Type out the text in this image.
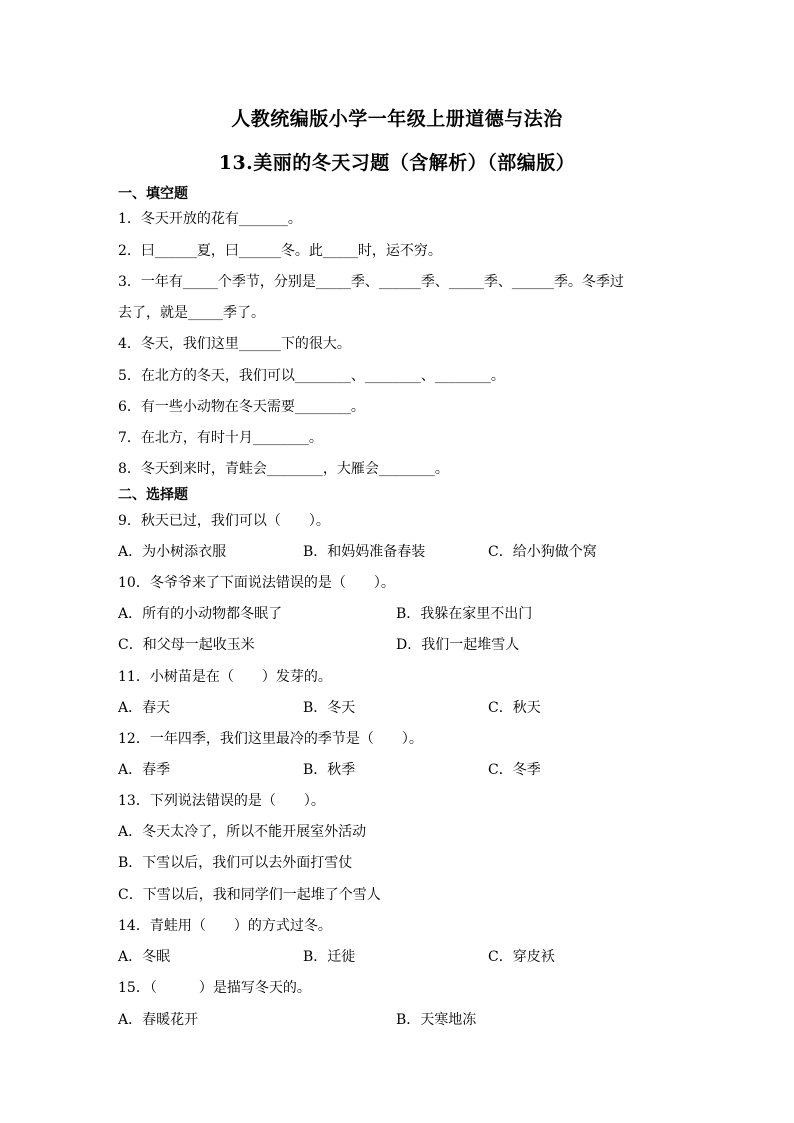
人教统编版小学一年级上册道德与法治
13.美丽的冬天习题（含解析）（部编版）
一、填空题
1．冬天开放的花有_______。
2．曰______夏，曰______冬。此_____时，运不穷。
3．一年有_____个季节，分别是_____季、______季、_____季、______季。冬季过
去了，就是_____季了。
4．冬天，我们这里______下的很大。
5．在北方的冬天，我们可以________、________、________。
6．有一些小动物在冬天需要________。
7．在北方，有时十月________。
8．冬天到来时，青蛙会________，大雁会________。
二、选择题
9．秋天已过，我们可以（　　）。
A．为小树添衣服	B．和妈妈准备春装	C．给小狗做个窝
10．冬爷爷来了下面说法错误的是（　　）。
A．所有的小动物都冬眠了	B．我躲在家里不出门
C．和父母一起收玉米	D．我们一起堆雪人
11．小树苗是在（　　）发芽的。
A．春天	B．冬天	C．秋天
12．一年四季，我们这里最冷的季节是（　　）。
A．春季	B．秋季	C．冬季
13．下列说法错误的是（　　）。
A．冬天太冷了，所以不能开展室外活动
B．下雪以后，我们可以去外面打雪仗
C．下雪以后，我和同学们一起堆了个雪人
14．青蛙用（　　）的方式过冬。
A．冬眠	B．迁徙	C．穿皮袄
15．（　　　）是描写冬天的。
A．春暖花开	B．天寒地冻
